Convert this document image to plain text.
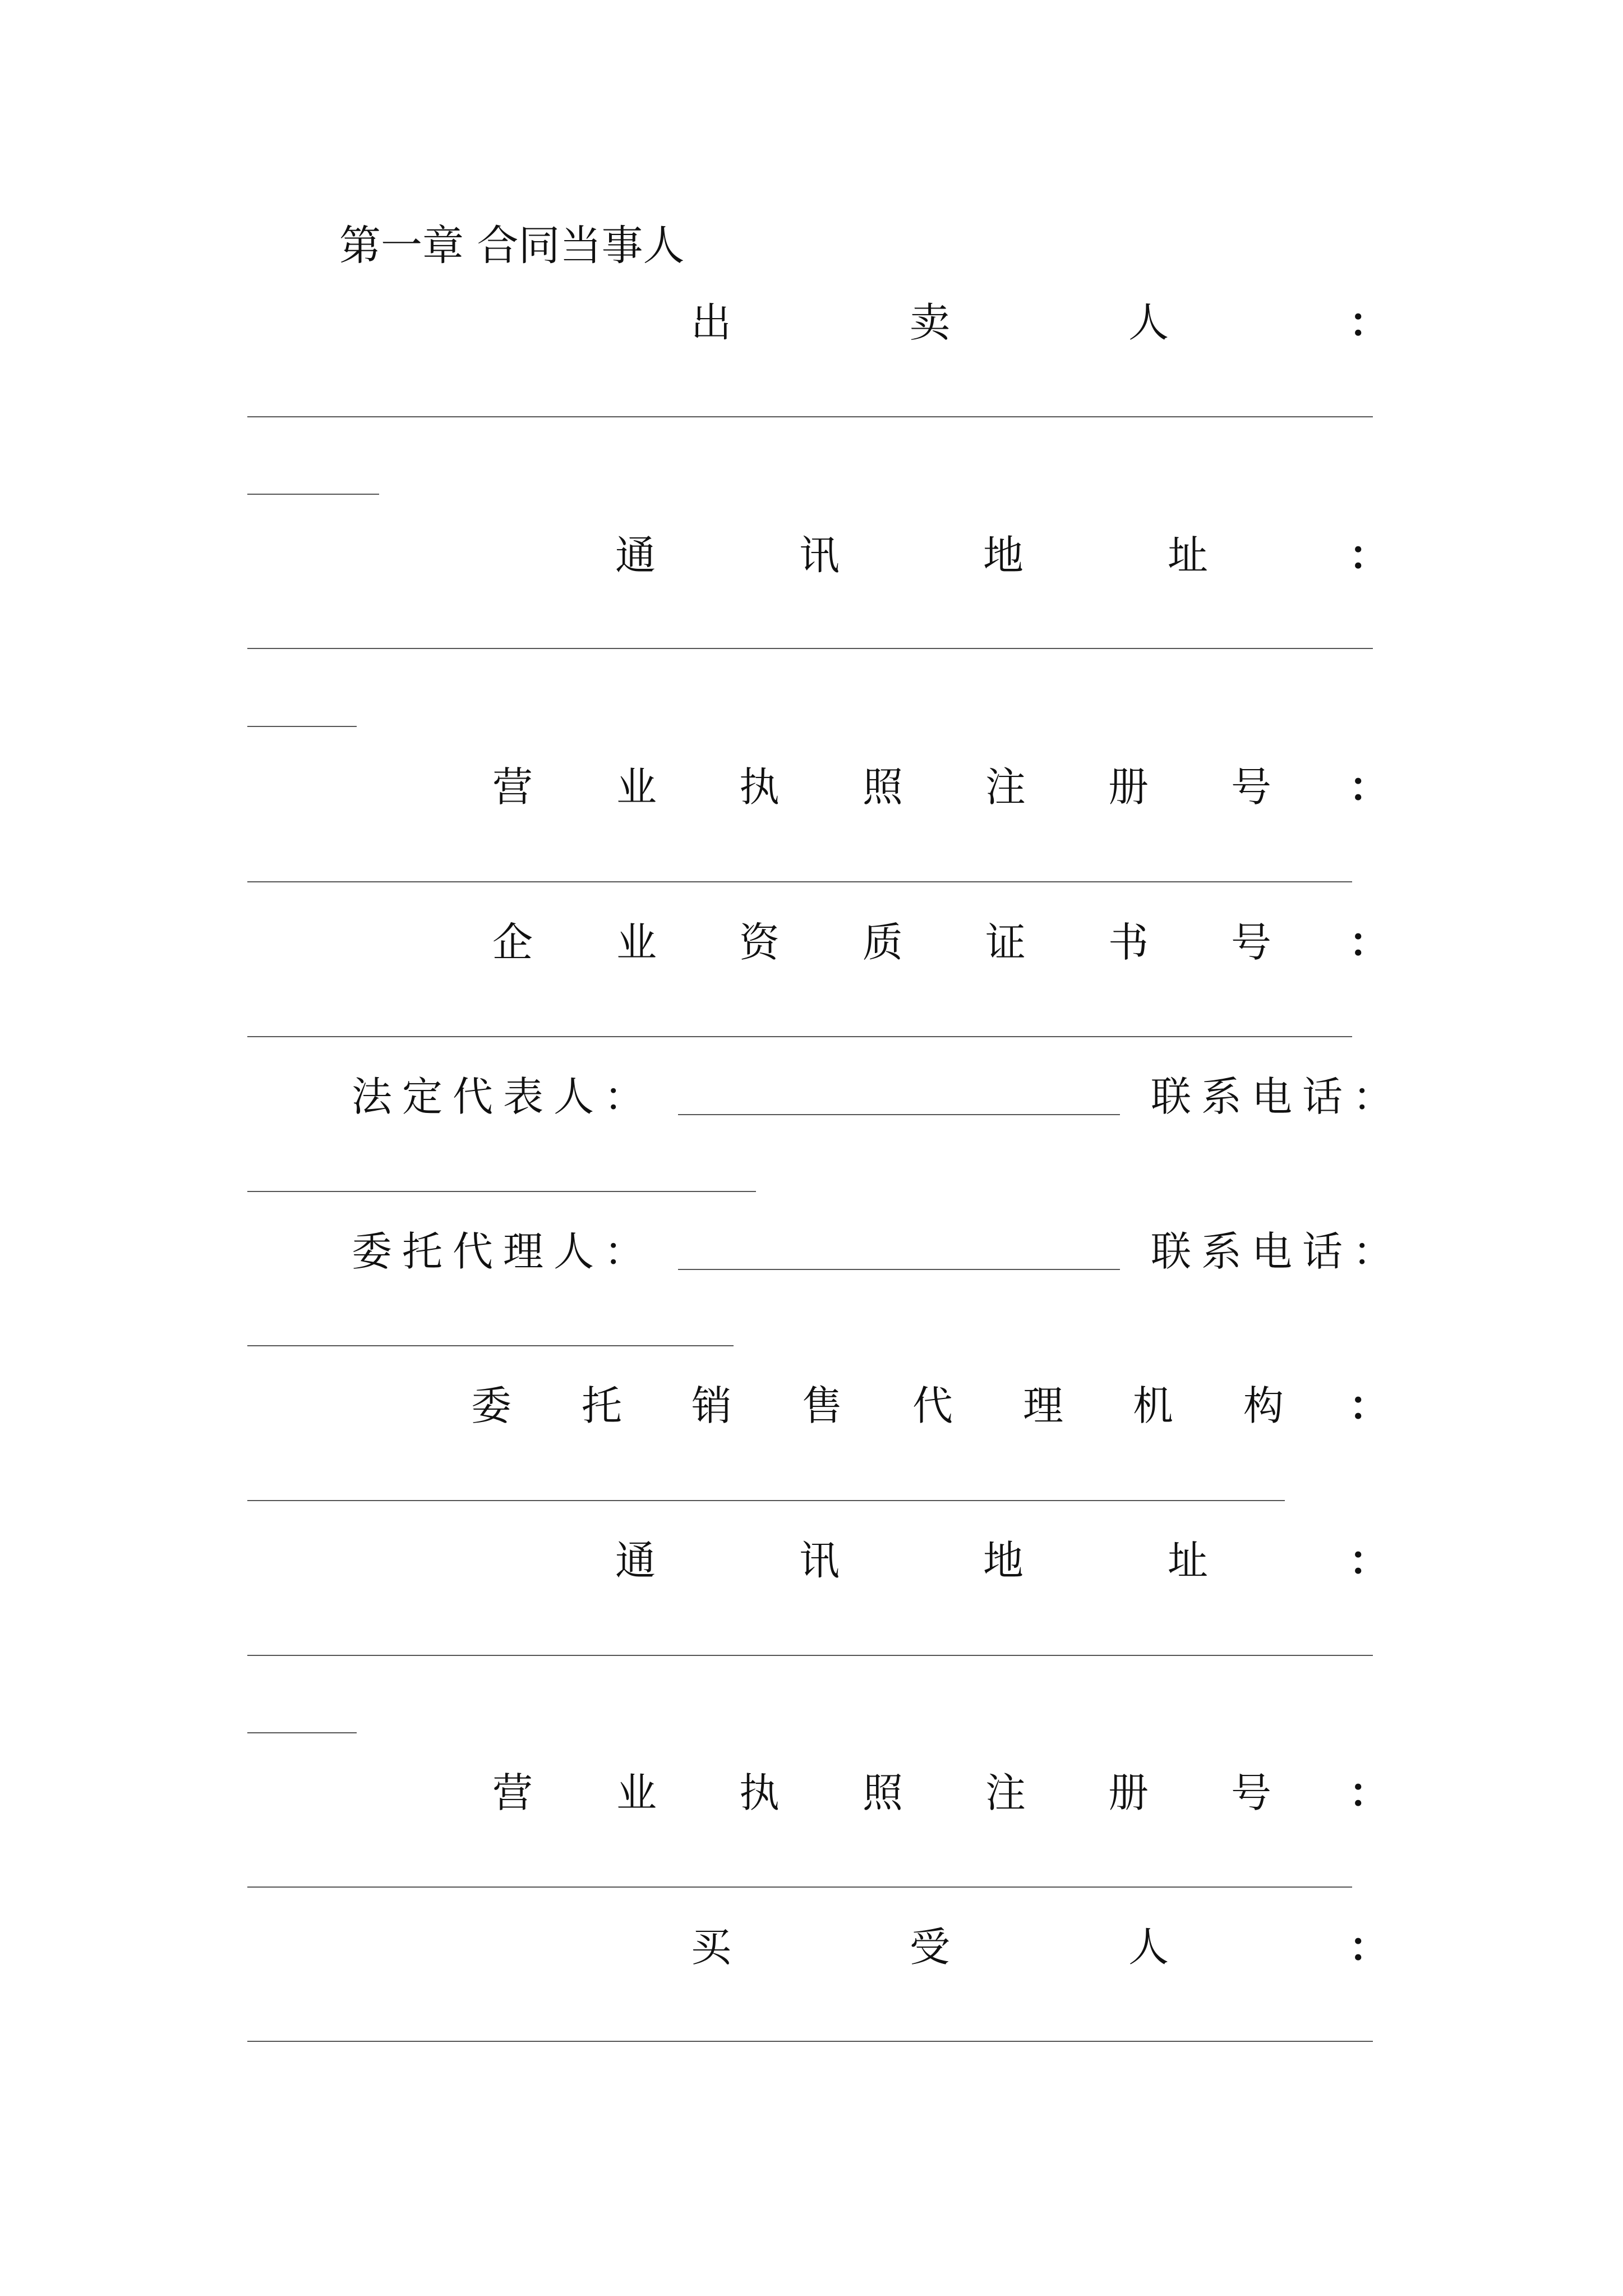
第一章 合同当事人
出	卖	人	：
通	讯	地	址	：
营 业 执 照 注 册 号 ：
企 业 资 质 证 书 号 ：
法定代表人：	联系电话：
委托代理人：	联系电话：
委 托 销 售 代 理 机 构 ：
通	讯	地	址	：
营 业 执 照 注 册 号 ：
买	受	人	：
